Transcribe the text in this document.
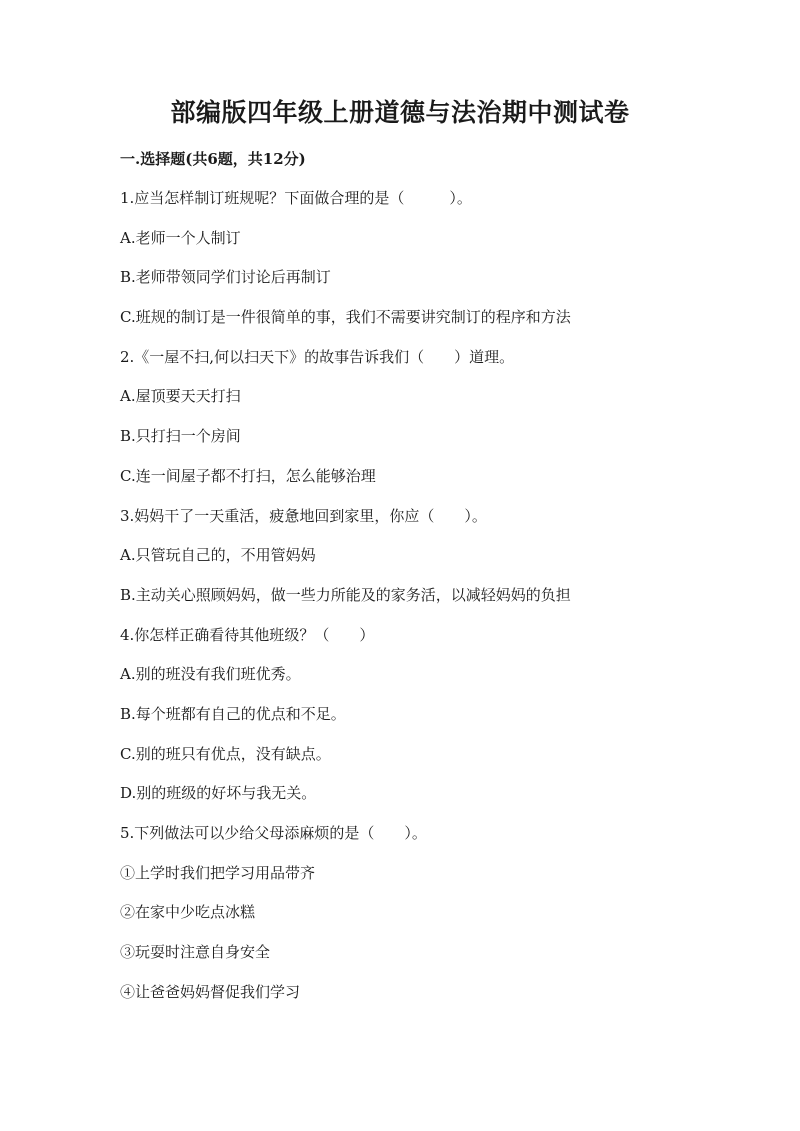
部编版四年级上册道德与法治期中测试卷
一.选择题(共6题，共12分)
1.应当怎样制订班规呢？下面做合理的是（　　　）。
A.老师一个人制订
B.老师带领同学们讨论后再制订
C.班规的制订是一件很简单的事，我们不需要讲究制订的程序和方法
2.《一屋不扫,何以扫天下》的故事告诉我们（　　）道理。
A.屋顶要天天打扫
B.只打扫一个房间
C.连一间屋子都不打扫，怎么能够治理
3.妈妈干了一天重活，疲惫地回到家里，你应（　　）。
A.只管玩自己的，不用管妈妈
B.主动关心照顾妈妈，做一些力所能及的家务活，以减轻妈妈的负担
4.你怎样正确看待其他班级？（　　）
A.别的班没有我们班优秀。
B.每个班都有自己的优点和不足。
C.别的班只有优点，没有缺点。
D.别的班级的好坏与我无关。
5.下列做法可以少给父母添麻烦的是（　　）。
①上学时我们把学习用品带齐
②在家中少吃点冰糕
③玩耍时注意自身安全
④让爸爸妈妈督促我们学习
